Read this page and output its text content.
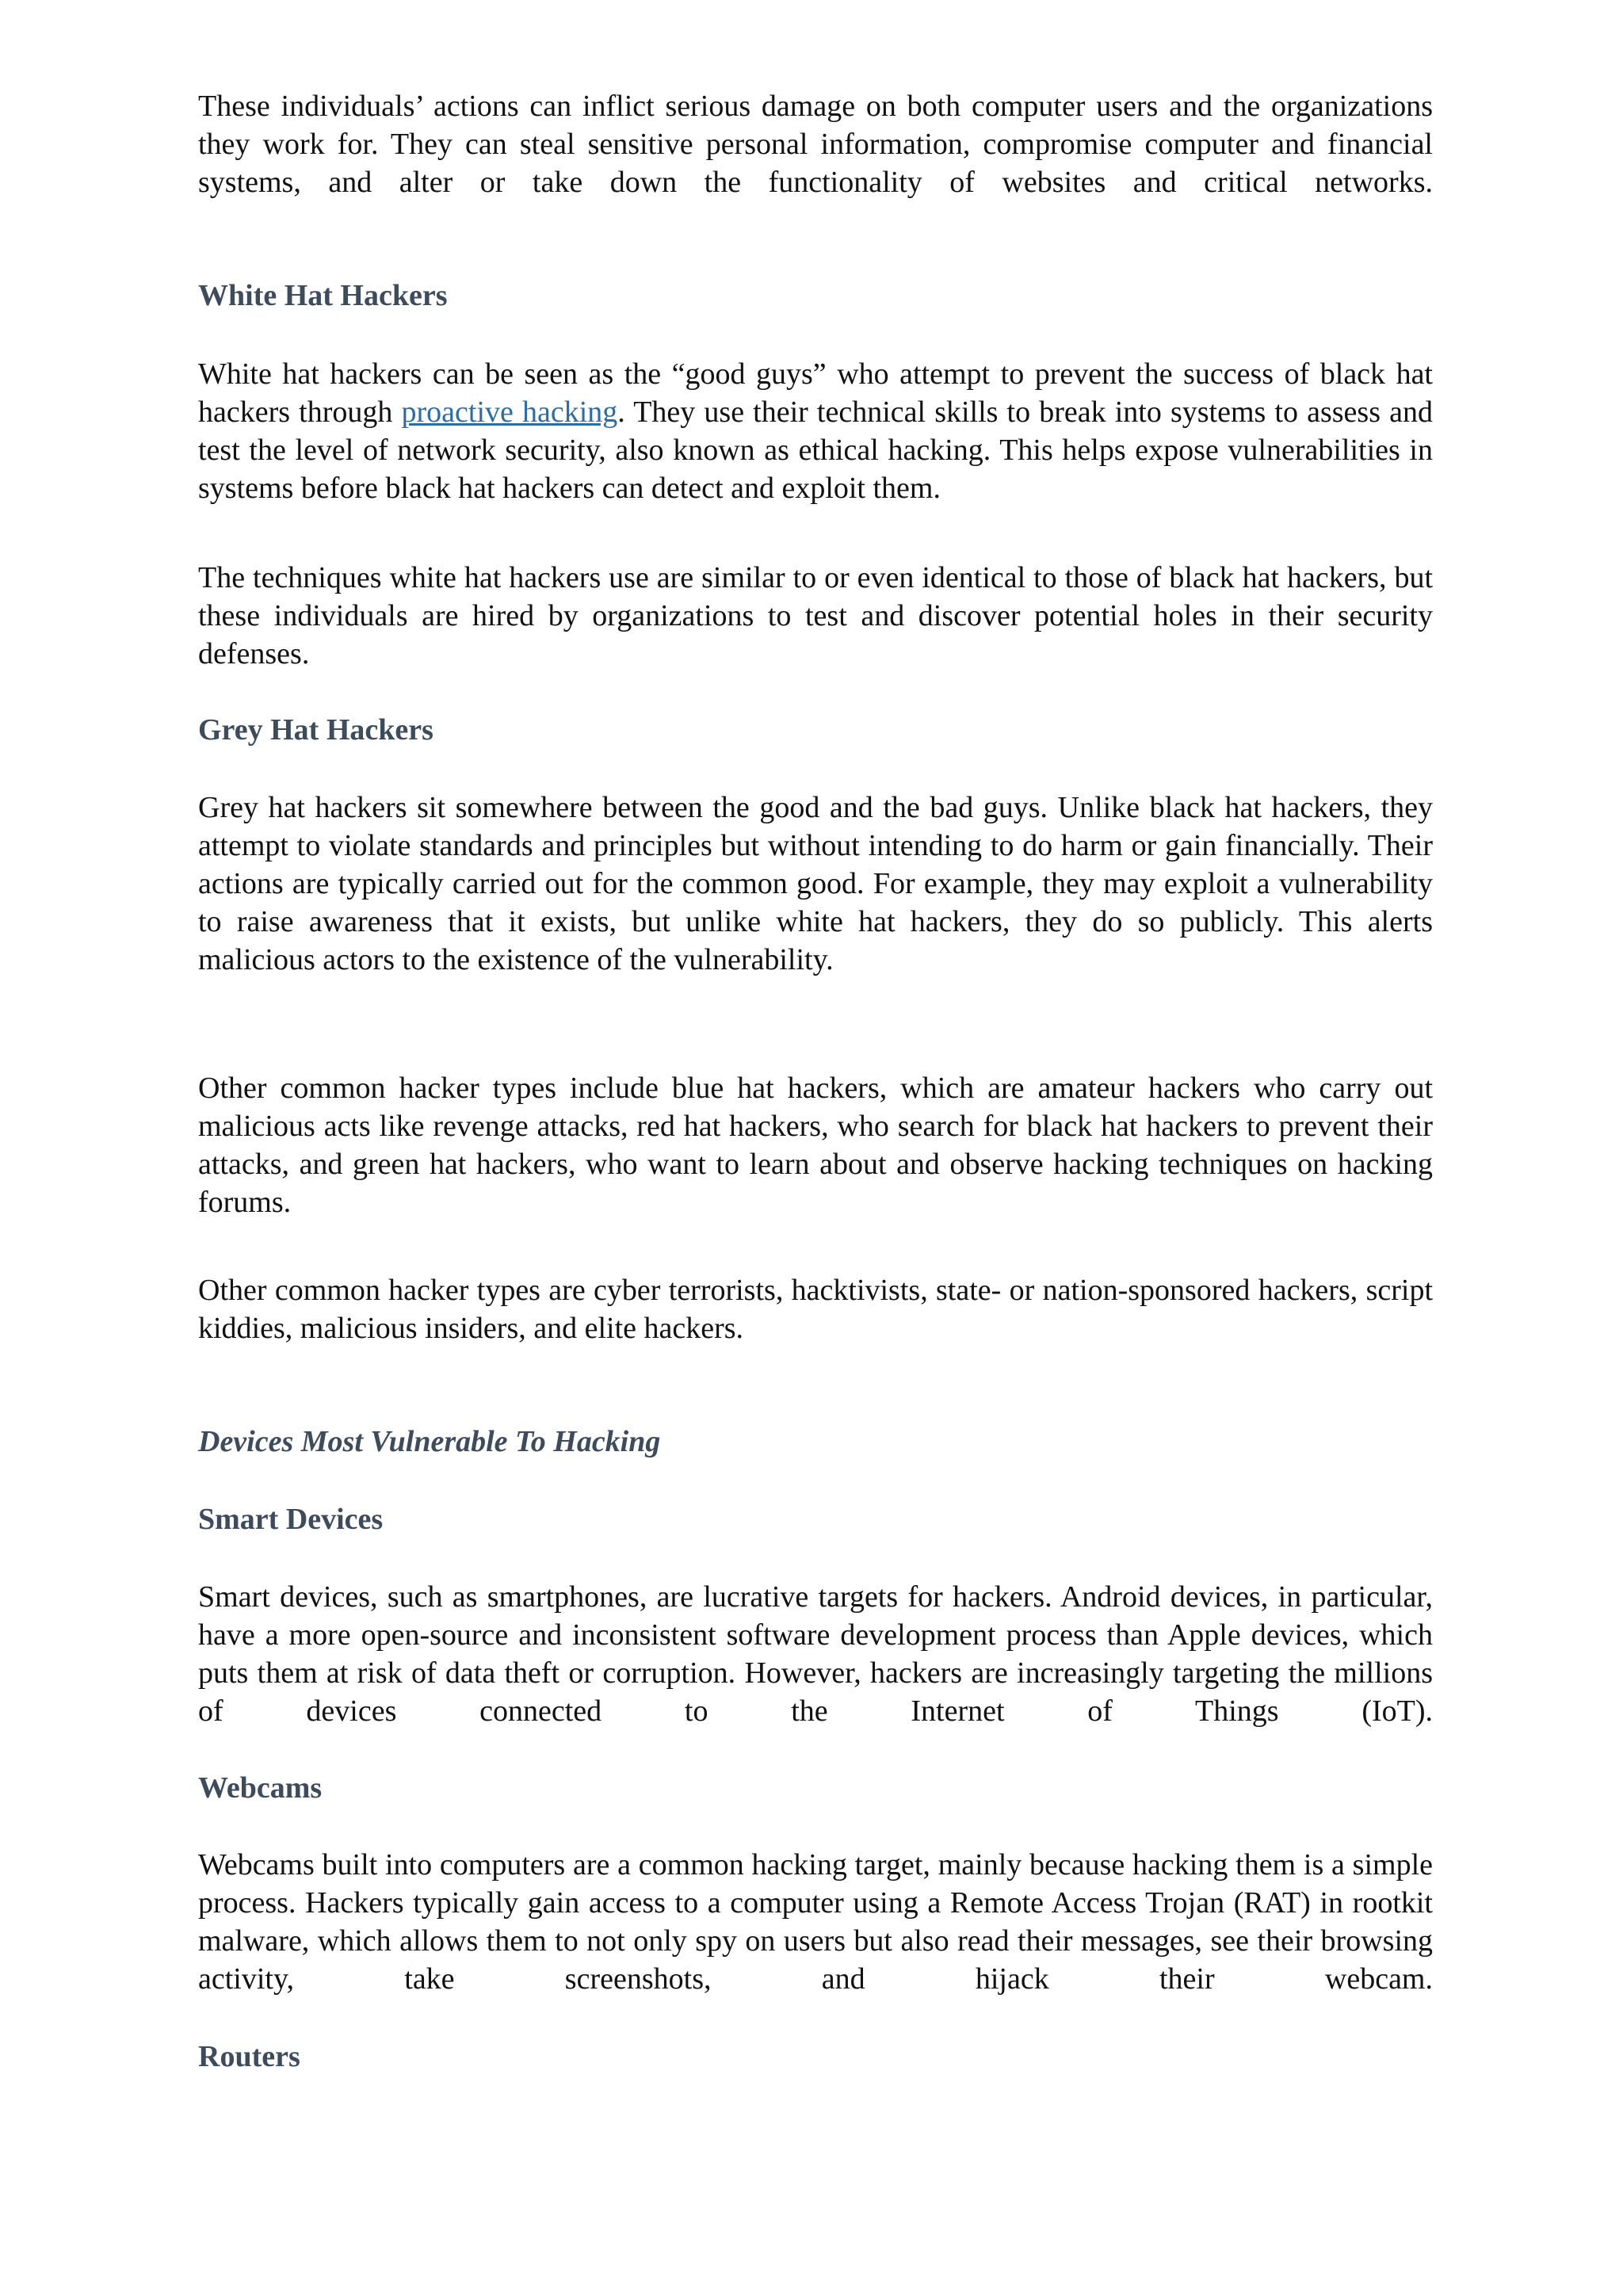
These individuals’ actions can inflict serious damage on both computer users and the organizations they work for. They can steal sensitive personal information, compromise computer and financial systems, and alter or take down the functionality of websites and critical networks.

White Hat Hackers

White hat hackers can be seen as the “good guys” who attempt to prevent the success of black hat hackers through proactive hacking. They use their technical skills to break into systems to assess and test the level of network security, also known as ethical hacking. This helps expose vulnerabilities in systems before black hat hackers can detect and exploit them.

The techniques white hat hackers use are similar to or even identical to those of black hat hackers, but these individuals are hired by organizations to test and discover potential holes in their security defenses.

Grey Hat Hackers

Grey hat hackers sit somewhere between the good and the bad guys. Unlike black hat hackers, they attempt to violate standards and principles but without intending to do harm or gain financially. Their actions are typically carried out for the common good. For example, they may exploit a vulnerability to raise awareness that it exists, but unlike white hat hackers, they do so publicly. This alerts malicious actors to the existence of the vulnerability.

Other common hacker types include blue hat hackers, which are amateur hackers who carry out malicious acts like revenge attacks, red hat hackers, who search for black hat hackers to prevent their attacks, and green hat hackers, who want to learn about and observe hacking techniques on hacking forums.

Other common hacker types are cyber terrorists, hacktivists, state- or nation-sponsored hackers, script kiddies, malicious insiders, and elite hackers.

Devices Most Vulnerable To Hacking
Smart Devices

Smart devices, such as smartphones, are lucrative targets for hackers. Android devices, in particular, have a more open-source and inconsistent software development process than Apple devices, which puts them at risk of data theft or corruption. However, hackers are increasingly targeting the millions of devices connected to the Internet of Things (IoT).

Webcams

Webcams built into computers are a common hacking target, mainly because hacking them is a simple process. Hackers typically gain access to a computer using a Remote Access Trojan (RAT) in rootkit malware, which allows them to not only spy on users but also read their messages, see their browsing activity, take screenshots, and hijack their webcam.

Routers
